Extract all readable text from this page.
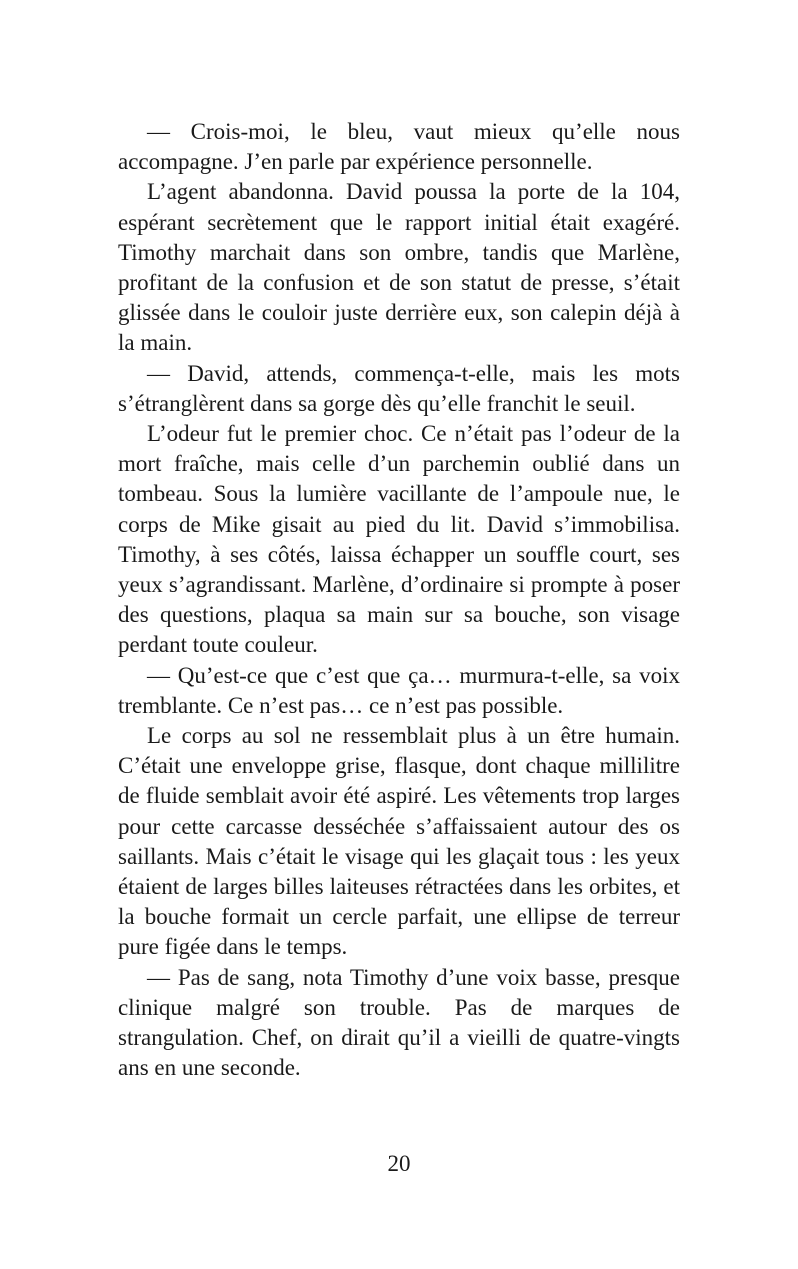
— Crois-moi, le bleu, vaut mieux qu’elle nous accompagne. J’en parle par expérience personnelle.

L’agent abandonna. David poussa la porte de la 104, espérant secrètement que le rapport initial était exagéré. Timothy marchait dans son ombre, tandis que Marlène, profitant de la confusion et de son statut de presse, s’était glissée dans le couloir juste derrière eux, son calepin déjà à la main.

— David, attends, commença-t-elle, mais les mots s’étranglèrent dans sa gorge dès qu’elle franchit le seuil.

L’odeur fut le premier choc. Ce n’était pas l’odeur de la mort fraîche, mais celle d’un parchemin oublié dans un tombeau. Sous la lumière vacillante de l’ampoule nue, le corps de Mike gisait au pied du lit. David s’immobilisa. Timothy, à ses côtés, laissa échapper un souffle court, ses yeux s’agrandissant. Marlène, d’ordinaire si prompte à poser des questions, plaqua sa main sur sa bouche, son visage perdant toute couleur.

— Qu’est-ce que c’est que ça… murmura-t-elle, sa voix tremblante. Ce n’est pas… ce n’est pas possible.

Le corps au sol ne ressemblait plus à un être humain. C’était une enveloppe grise, flasque, dont chaque millilitre de fluide semblait avoir été aspiré. Les vêtements trop larges pour cette carcasse desséchée s’affaissaient autour des os saillants. Mais c’était le visage qui les glaçait tous : les yeux étaient de larges billes laiteuses rétractées dans les orbites, et la bouche formait un cercle parfait, une ellipse de terreur pure figée dans le temps.

— Pas de sang, nota Timothy d’une voix basse, presque clinique malgré son trouble. Pas de marques de strangulation. Chef, on dirait qu’il a vieilli de quatre-vingts ans en une seconde.

20
